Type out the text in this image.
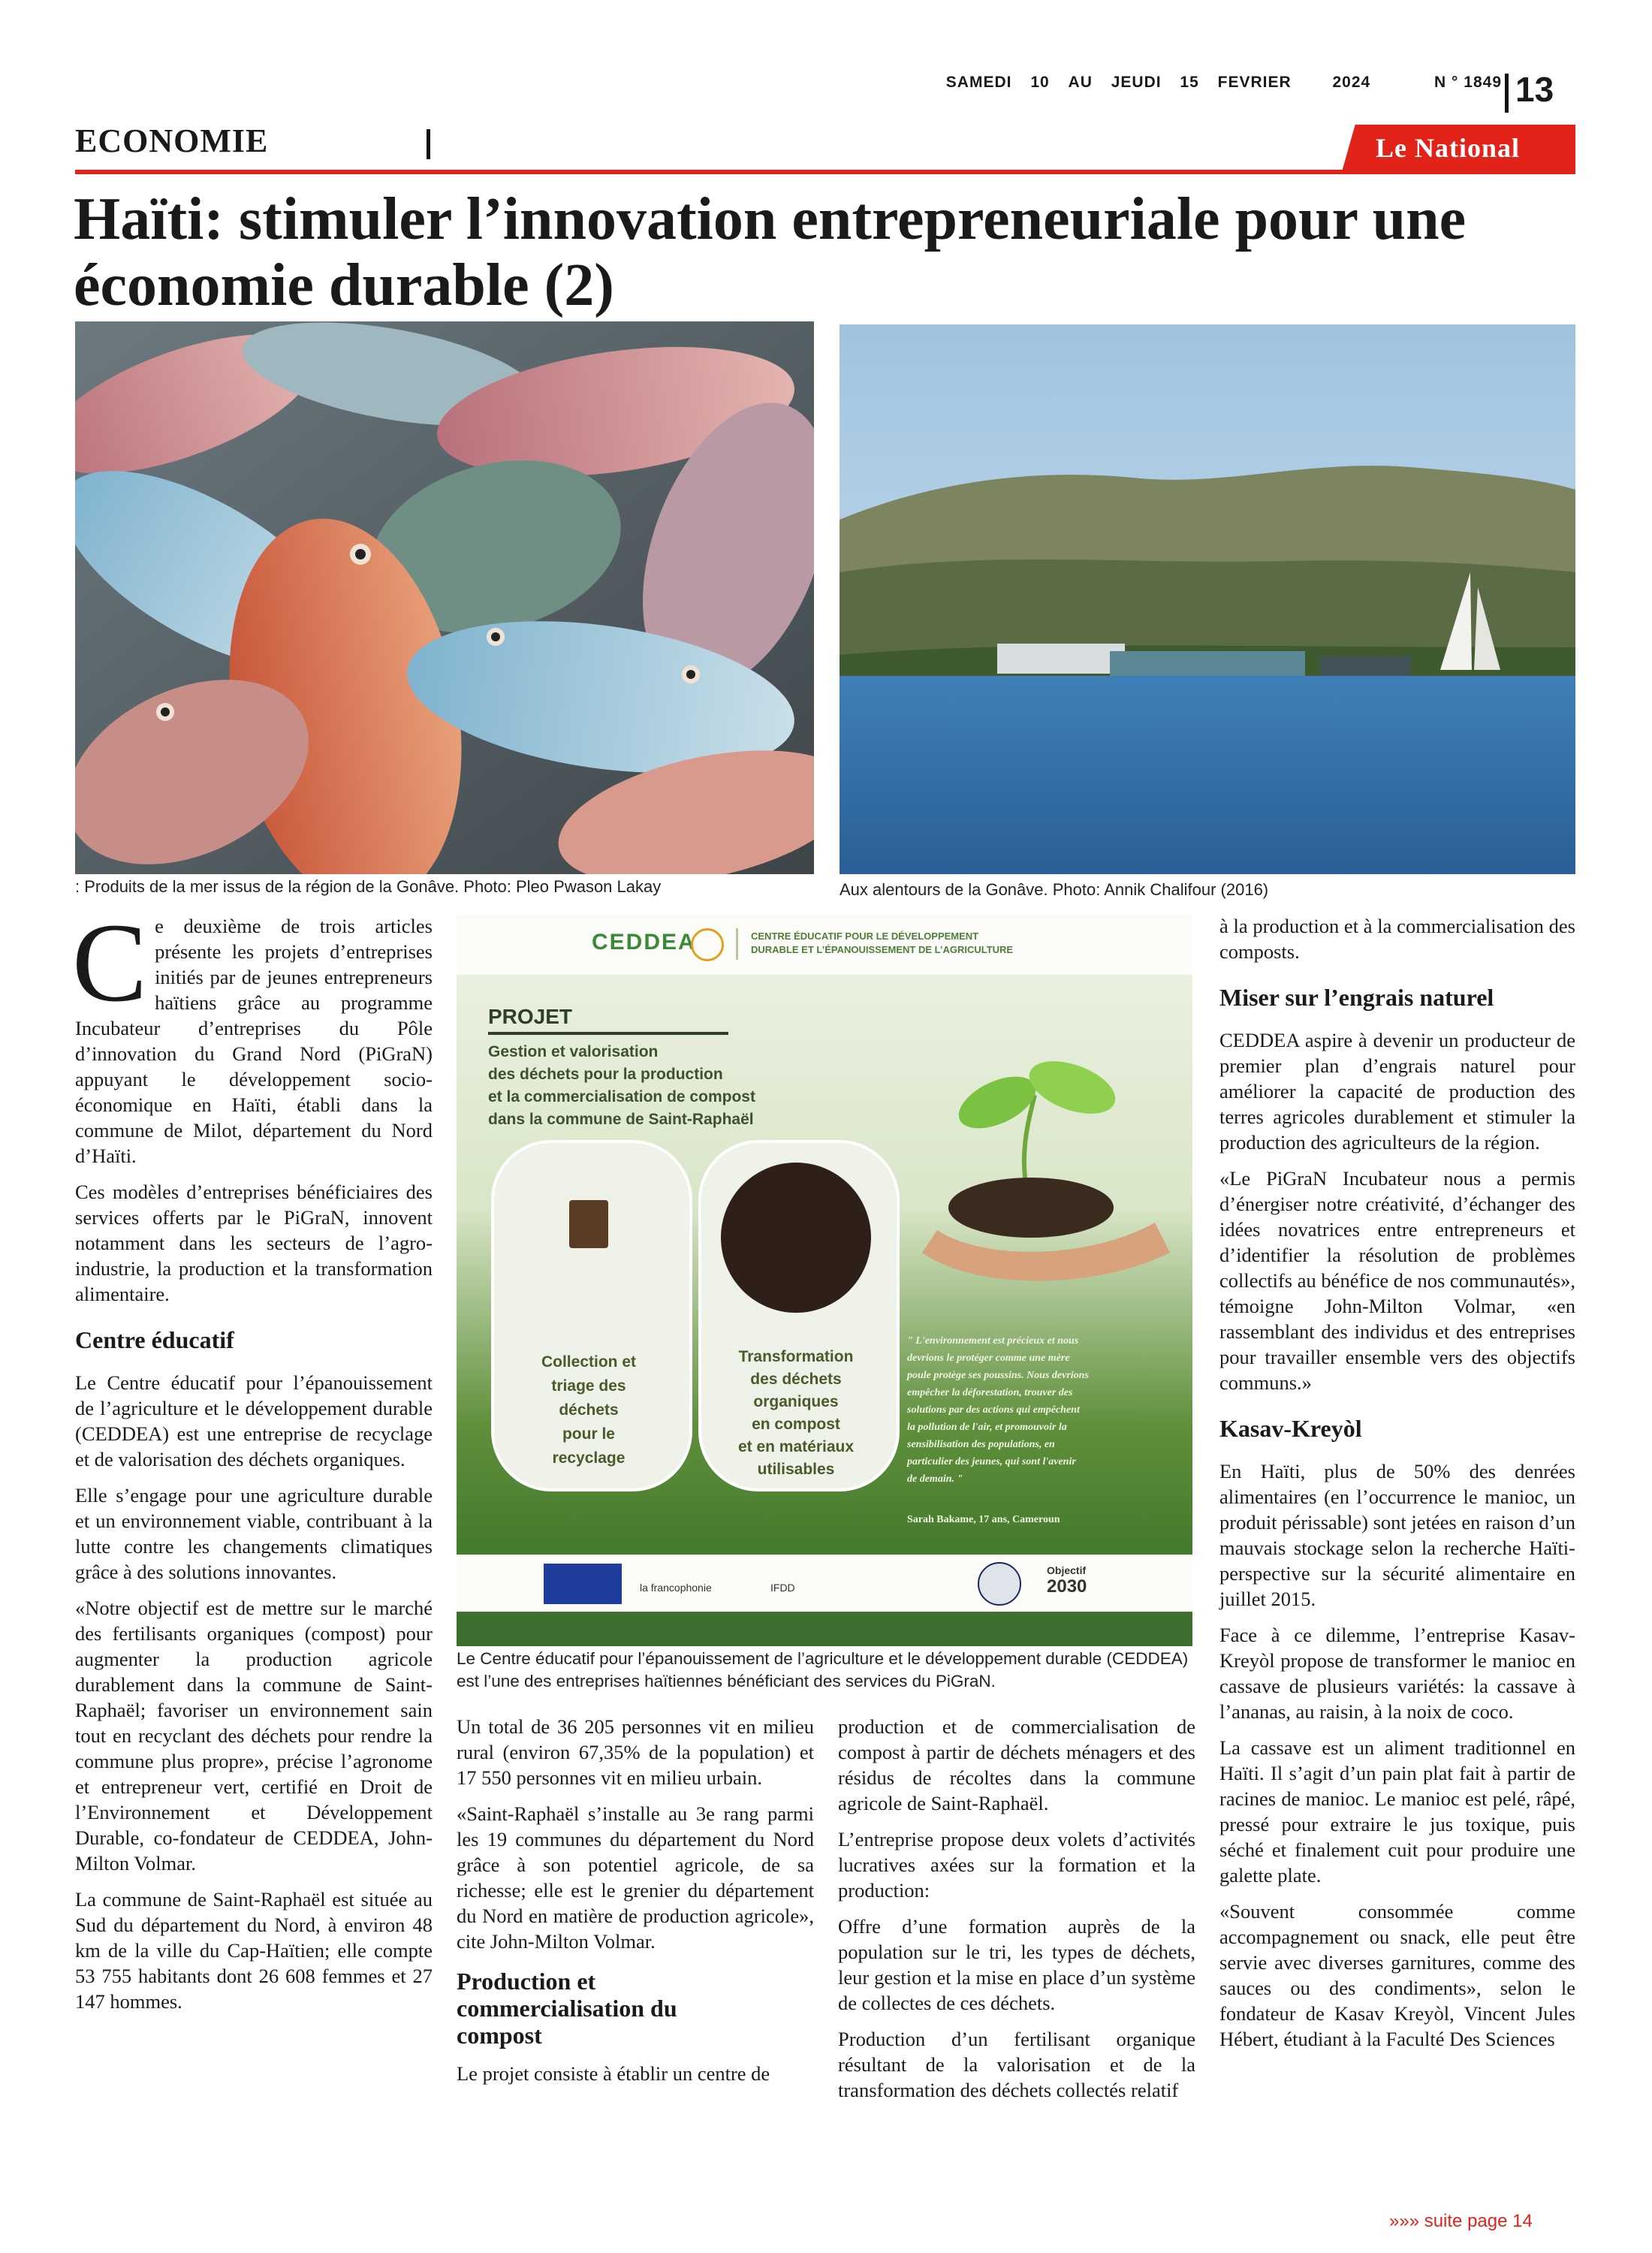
SAMEDI 10 AU JEUDI 15 FEVRIER	2024	N ° 1849 13
ECONOMIE	Le National
Haïti: stimuler l’innovation entrepreneuriale pour une
économie durable (2)
: Produits de la mer issus de la région de la Gonâve. Photo: Pleo Pwason Lakay	Aux alentours de la Gonâve. Photo: Annik Chalifour (2016)
CEDDEA	CENTRE ÉDUCATIF POUR LE DÉVELOPPEMENT
DURABLE ET L’ÉPANOUISSEMENT DE L’AGRICULTURE
PROJET
Gestion et valorisation
des déchets pour la production
et la commercialisation de compost
dans la commune de Saint-Raphaël
Collection et
triage des
déchets
pour le
recyclage
Transformation
des déchets
organiques
en compost
et en matériaux
utilisables
" L'environnement est précieux et nous
devrions le protéger comme une mère
poule protège ses poussins. Nous devrions
empêcher la déforestation, trouver des
solutions par des actions qui empêchent
la pollution de l'air, et promouvoir la
sensibilisation des populations, en
particulier des jeunes, qui sont l'avenir
de demain. "
Sarah Bakame, 17 ans, Cameroun
la francophonie	IFDD
Objectif
2030
Le Centre éducatif pour l’épanouissement de l’agriculture et le développement durable (CEDDEA) est l’une des entreprises haïtiennes bénéficiant des services du PiGraN.

Ce deuxième de trois articles présente les projets d’entreprises initiés par de jeunes entrepreneurs haïtiens grâce au programme Incubateur d’entreprises du Pôle d’innovation du Grand Nord (PiGraN) appuyant le développement socio-économique en Haïti, établi dans la commune de Milot, département du Nord d’Haïti.

Ces modèles d’entreprises bénéficiaires des services offerts par le PiGraN, innovent notamment dans les secteurs de l’agro-industrie, la production et la transformation alimentaire.

Centre éducatif

Le Centre éducatif pour l’épanouissement de l’agriculture et le développement durable (CEDDEA) est une entreprise de recyclage et de valorisation des déchets organiques.

Elle s’engage pour une agriculture durable et un environnement viable, contribuant à la lutte contre les changements climatiques grâce à des solutions innovantes.

«Notre objectif est de mettre sur le marché des fertilisants organiques (compost) pour augmenter la production agricole durablement dans la commune de Saint-Raphaël; favoriser un environnement sain tout en recyclant des déchets pour rendre la commune plus propre», précise l’agronome et entrepreneur vert, certifié en Droit de l’Environnement et Développement Durable, co-fondateur de CEDDEA, John-Milton Volmar.

La commune de Saint-Raphaël est située au Sud du département du Nord, à environ 48 km de la ville du Cap-Haïtien; elle compte 53 755 habitants dont 26 608 femmes et 27 147 hommes.

Un total de 36 205 personnes vit en milieu rural (environ 67,35% de la population) et 17 550 personnes vit en milieu urbain.

«Saint-Raphaël s’installe au 3e rang parmi les 19 communes du département du Nord grâce à son potentiel agricole, de sa richesse; elle est le grenier du département du Nord en matière de production agricole», cite John-Milton Volmar.

Production et commercialisation du compost

Le projet consiste à établir un centre de

production et de commercialisation de compost à partir de déchets ménagers et des résidus de récoltes dans la commune agricole de Saint-Raphaël.

L’entreprise propose deux volets d’activités lucratives axées sur la formation et la production:

Offre d’une formation auprès de la population sur le tri, les types de déchets, leur gestion et la mise en place d’un système de collectes de ces déchets.

Production d’un fertilisant organique résultant de la valorisation et de la transformation des déchets collectés relatif

à la production et à la commercialisation des composts.

Miser sur l’engrais naturel

CEDDEA aspire à devenir un producteur de premier plan d’engrais naturel pour améliorer la capacité de production des terres agricoles durablement et stimuler la production des agriculteurs de la région.

«Le PiGraN Incubateur nous a permis d’énergiser notre créativité, d’échanger des idées novatrices entre entrepreneurs et d’identifier la résolution de problèmes collectifs au bénéfice de nos communautés», témoigne John-Milton Volmar, «en rassemblant des individus et des entreprises pour travailler ensemble vers des objectifs communs.»

Kasav-Kreyòl

En Haïti, plus de 50% des denrées alimentaires (en l’occurrence le manioc, un produit périssable) sont jetées en raison d’un mauvais stockage selon la recherche Haïti-perspective sur la sécurité alimentaire en juillet 2015.

Face à ce dilemme, l’entreprise Kasav-Kreyòl propose de transformer le manioc en cassave de plusieurs variétés: la cassave à l’ananas, au raisin, à la noix de coco.

La cassave est un aliment traditionnel en Haïti. Il s’agit d’un pain plat fait à partir de racines de manioc. Le manioc est pelé, râpé, pressé pour extraire le jus toxique, puis séché et finalement cuit pour produire une galette plate.

«Souvent consommée comme accompagnement ou snack, elle peut être servie avec diverses garnitures, comme des sauces ou des condiments», selon le fondateur de Kasav Kreyòl, Vincent Jules Hébert, étudiant à la Faculté Des Sciences

»»» suite page 14
